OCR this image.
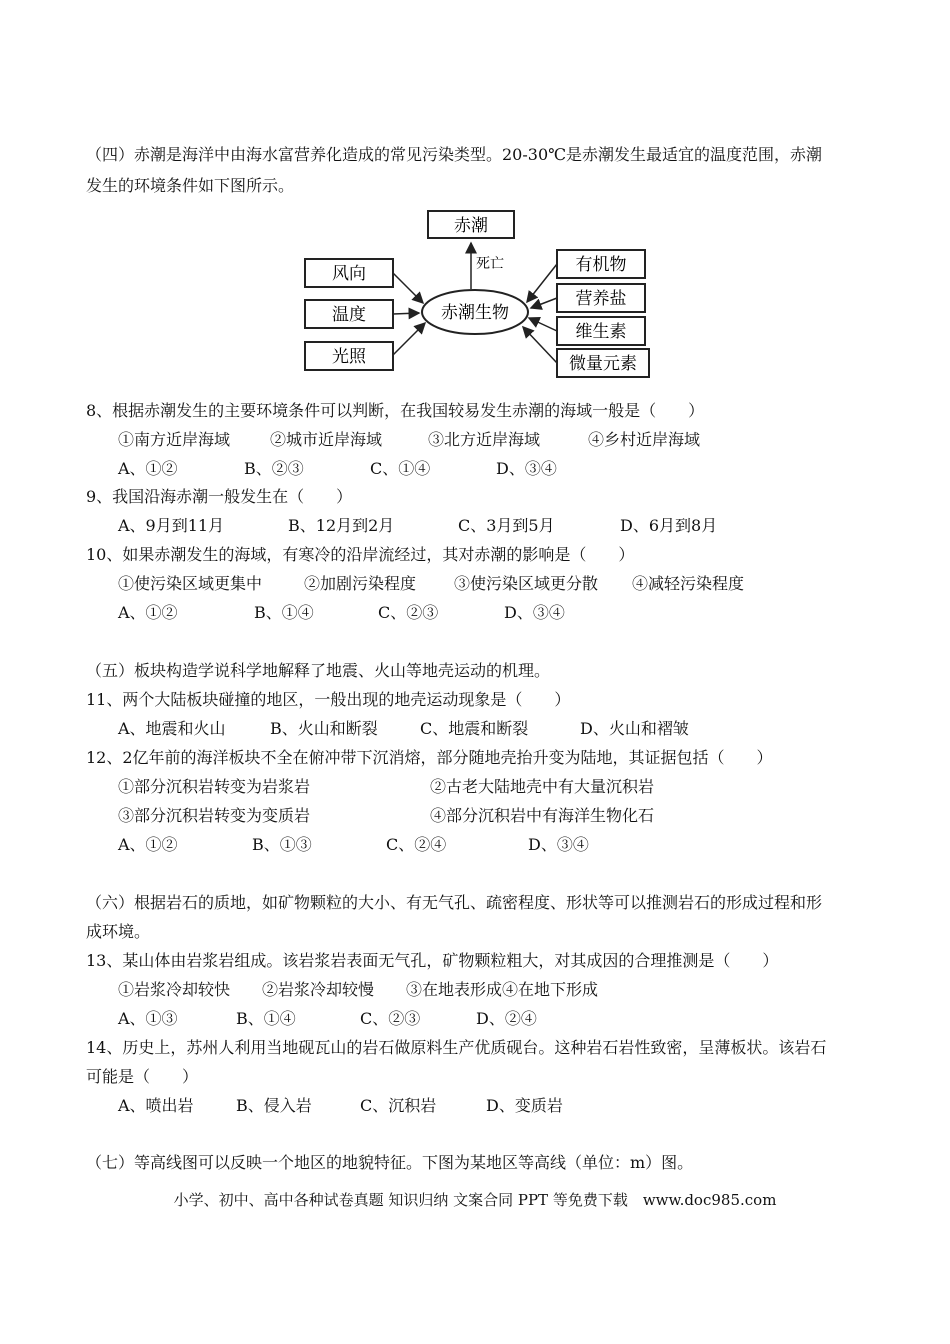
（四）赤潮是海洋中由海水富营养化造成的常见污染类型。20-30℃是赤潮发生最适宜的温度范围，赤潮
发生的环境条件如下图所示。
赤潮
赤潮生物
死亡
风向
温度
光照
有机物
营养盐
维生素
微量元素
8、根据赤潮发生的主要环境条件可以判断，在我国较易发生赤潮的海域一般是（　　）
①南方近岸海域 ②城市近岸海域	③北方近岸海域	④乡村近岸海域
A、①②	B、②③	C、①④	D、③④
9、我国沿海赤潮一般发生在（　　）
A、9月到11月	B、12月到2月	C、3月到5月	D、6月到8月
10、如果赤潮发生的海域，有寒冷的沿岸流经过，其对赤潮的影响是（　　）
①使污染区域更集中	②加剧污染程度 ③使污染区域更分散 ④减轻污染程度
A、①②	B、①④	C、②③	D、③④
（五）板块构造学说科学地解释了地震、火山等地壳运动的机理。
11、两个大陆板块碰撞的地区，一般出现的地壳运动现象是（　　）
A、地震和火山	B、火山和断裂	C、地震和断裂	D、火山和褶皱
12、2亿年前的海洋板块不全在俯冲带下沉消熔，部分随地壳抬升变为陆地，其证据包括（　　）
①部分沉积岩转变为岩浆岩	②古老大陆地壳中有大量沉积岩
③部分沉积岩转变为变质岩	④部分沉积岩中有海洋生物化石
A、①②	B、①③	C、②④	D、③④
（六）根据岩石的质地，如矿物颗粒的大小、有无气孔、疏密程度、形状等可以推测岩石的形成过程和形
成环境。
13、某山体由岩浆岩组成。该岩浆岩表面无气孔，矿物颗粒粗大，对其成因的合理推测是（　　）
①岩浆冷却较快　　②岩浆冷却较慢　　③在地表形成④在地下形成
A、①③	B、①④	C、②③	D、②④
14、历史上，苏州人利用当地砚瓦山的岩石做原料生产优质砚台。这种岩石岩性致密，呈薄板状。该岩石
可能是（　　）
A、喷出岩	B、侵入岩	C、沉积岩	D、变质岩
（七）等高线图可以反映一个地区的地貌特征。下图为某地区等高线（单位：m）图。
小学、初中、高中各种试卷真题 知识归纳 文案合同 PPT 等免费下载　www.doc985.com
